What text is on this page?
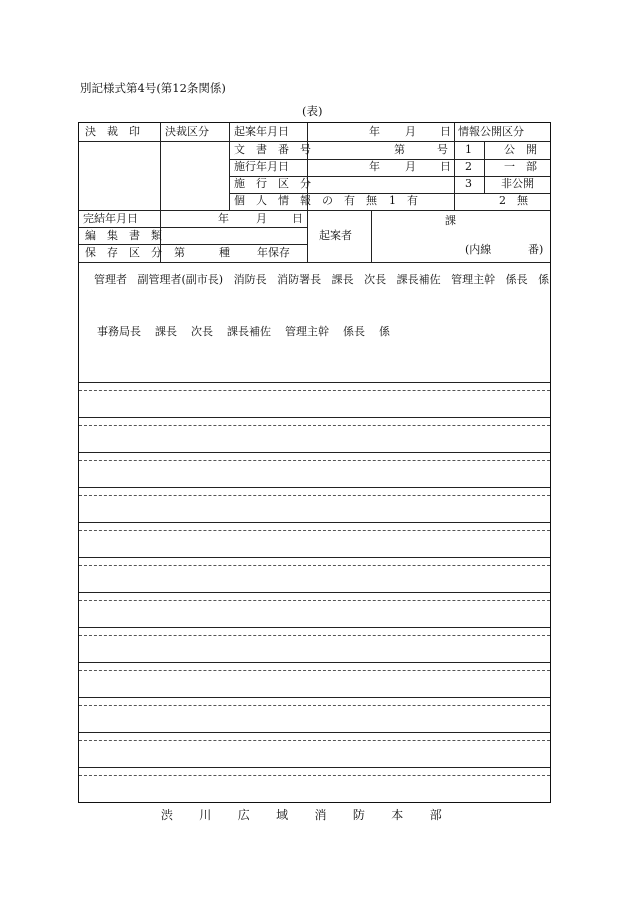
別記様式第4号(第12条関係)
(表)
決　裁　印 決裁区分 起案年月日	年 月 日 情報公開区分
文　書　番　号	第	号 1	公　開
施行年月日	年 月 日 2	一　部
施　行　区　分	3	非公開
個　人　情　報　の　有　無 1　有	2　無
完結年月日	年 月 日	課
編　集　書　類	起案者
保　存　区　分 第	種 年保存	(内線	番)
管理者 副管理者(副市長) 消防長 消防署長 課長 次長 課長補佐 管理主幹 係長 係
事務局長 課長 次長 課長補佐 管理主幹 係長 係
渋川広域消防本部
